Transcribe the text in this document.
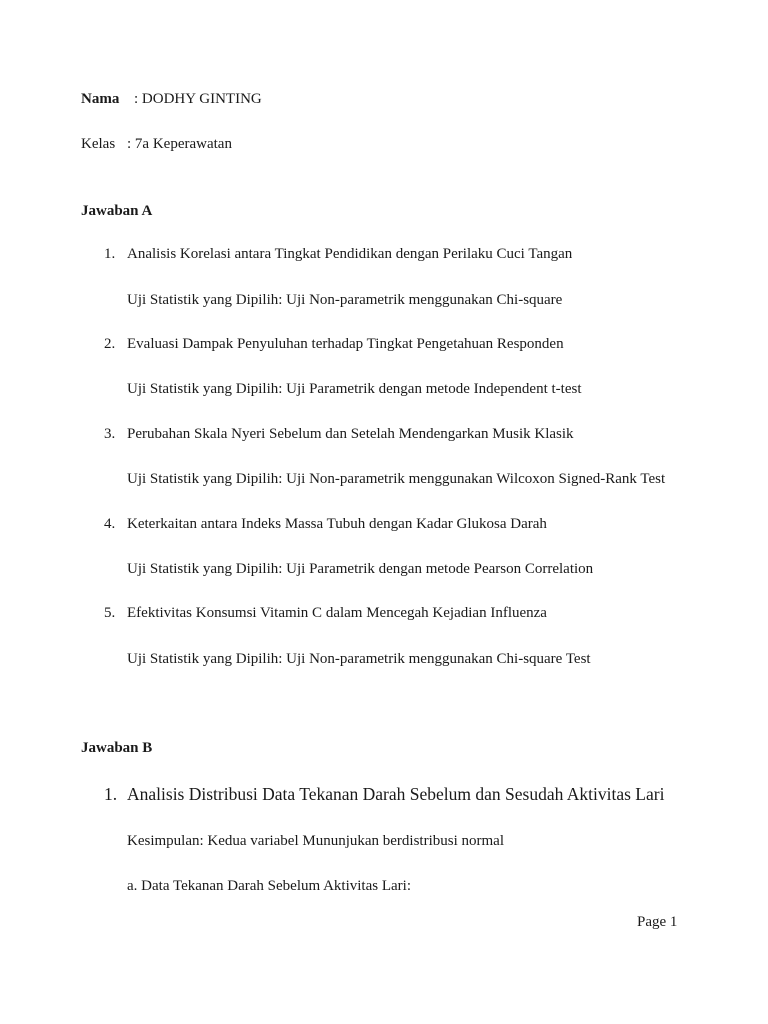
Nama : DODHY GINTING
Kelas : 7a Keperawatan
Jawaban A
1. Analisis Korelasi antara Tingkat Pendidikan dengan Perilaku Cuci Tangan
Uji Statistik yang Dipilih: Uji Non-parametrik menggunakan Chi-square
2. Evaluasi Dampak Penyuluhan terhadap Tingkat Pengetahuan Responden
Uji Statistik yang Dipilih: Uji Parametrik dengan metode Independent t-test
3. Perubahan Skala Nyeri Sebelum dan Setelah Mendengarkan Musik Klasik
Uji Statistik yang Dipilih: Uji Non-parametrik menggunakan Wilcoxon Signed-Rank Test
4. Keterkaitan antara Indeks Massa Tubuh dengan Kadar Glukosa Darah
Uji Statistik yang Dipilih: Uji Parametrik dengan metode Pearson Correlation
5. Efektivitas Konsumsi Vitamin C dalam Mencegah Kejadian Influenza
Uji Statistik yang Dipilih: Uji Non-parametrik menggunakan Chi-square Test
Jawaban B
1. Analisis Distribusi Data Tekanan Darah Sebelum dan Sesudah Aktivitas Lari
Kesimpulan: Kedua variabel Mununjukan berdistribusi normal
a. Data Tekanan Darah Sebelum Aktivitas Lari:
Page 1
